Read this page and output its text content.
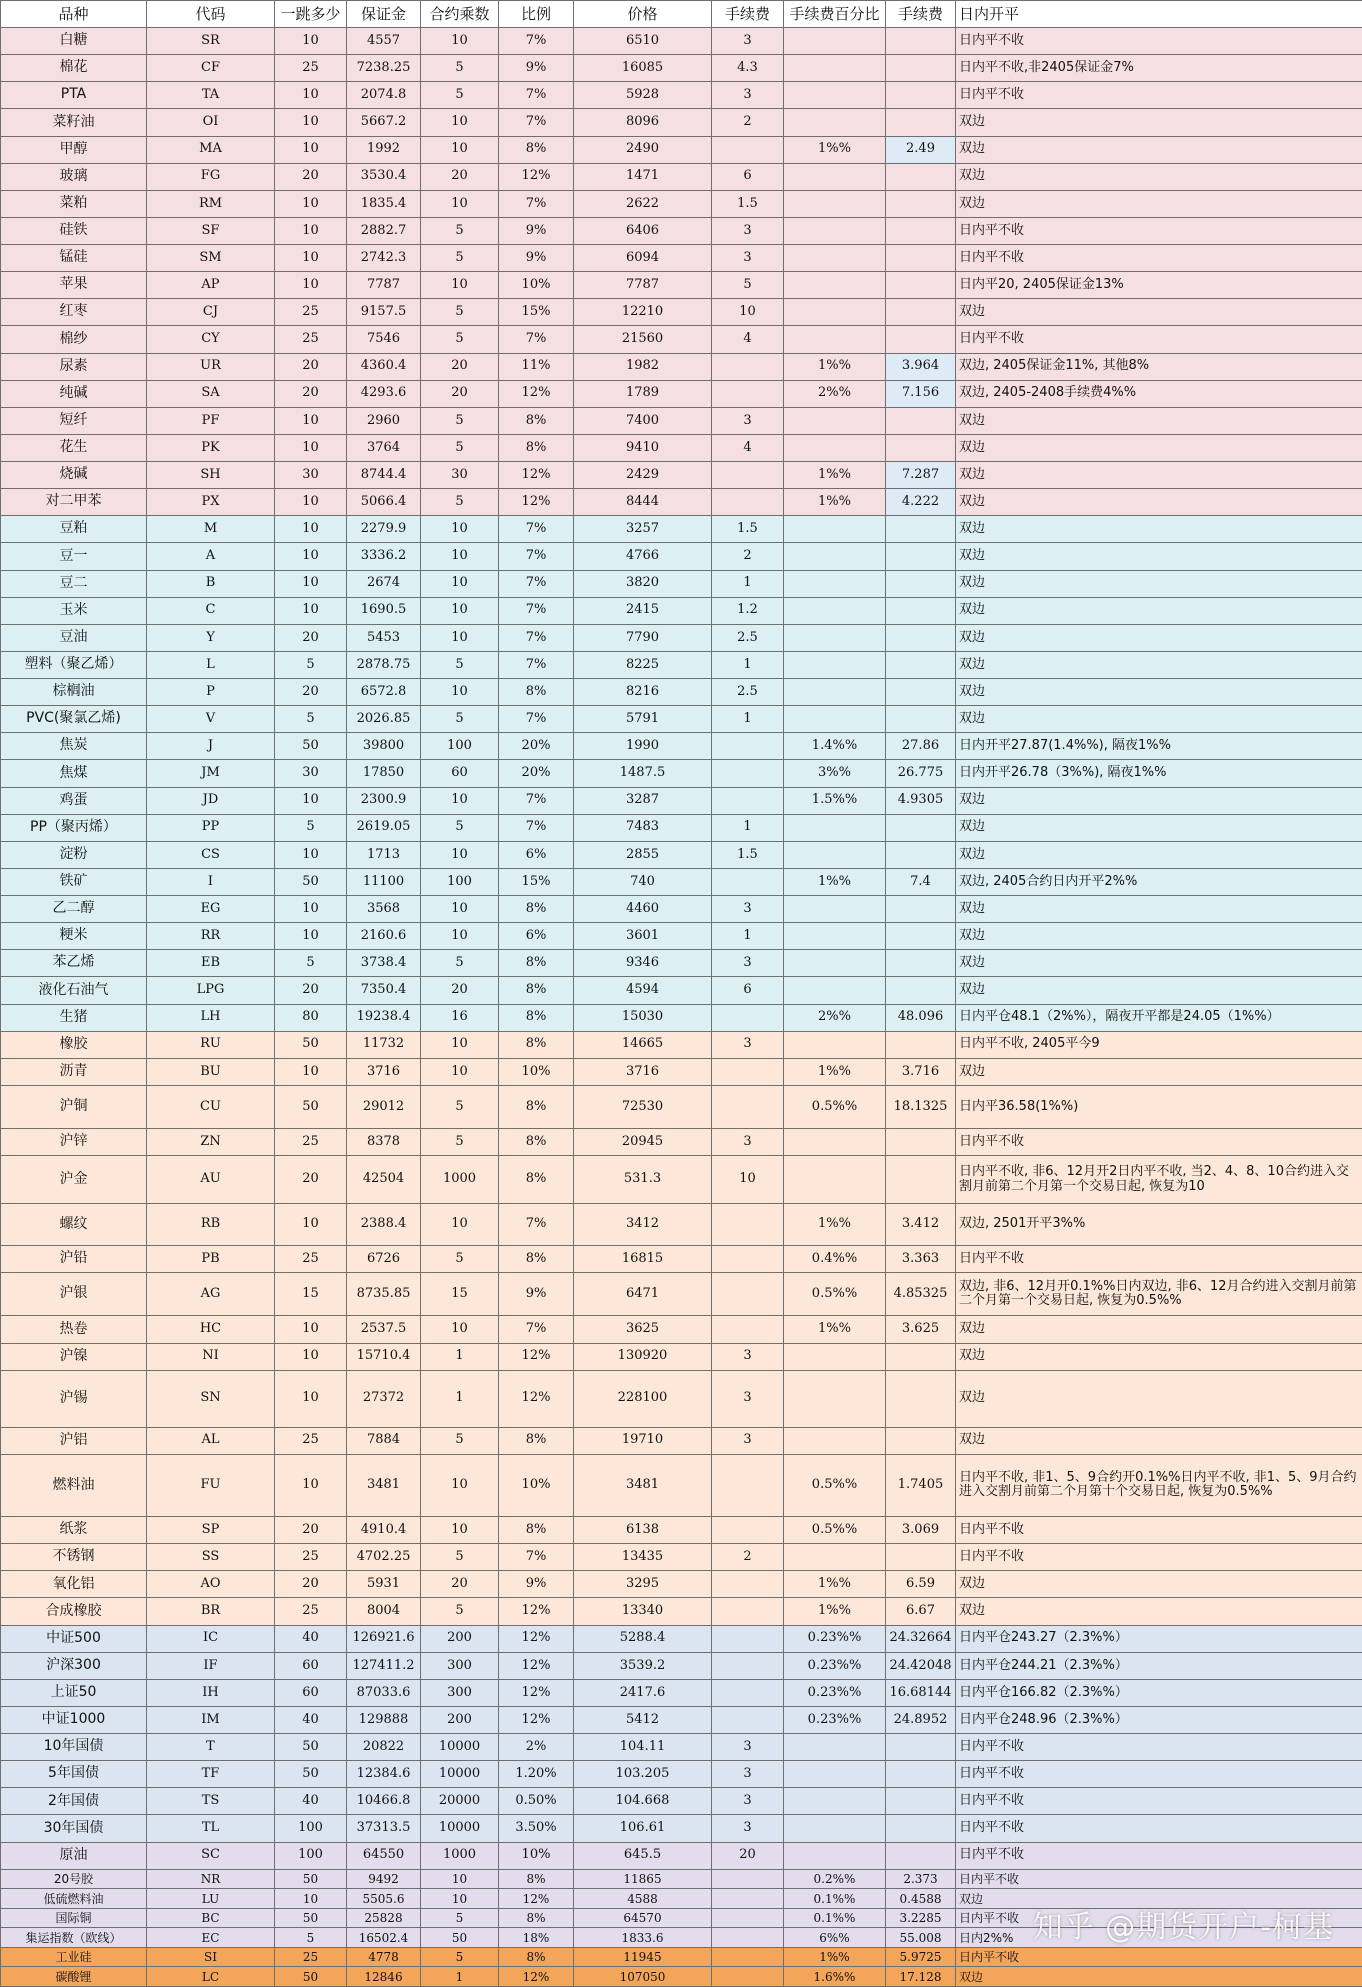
品种	代码	一跳多少	保证金	合约乘数	比例	价格	手续费	手续费百分比	手续费	日内开平
白糖	SR	10	4557	10	7%	6510	3			日内平不收
棉花	CF	25	7238.25	5	9%	16085	4.3			日内平不收,非2405保证金7%
PTA	TA	10	2074.8	5	7%	5928	3			日内平不收
菜籽油	OI	10	5667.2	10	7%	8096	2			双边
甲醇	MA	10	1992	10	8%	2490		1%%	2.49	双边
玻璃	FG	20	3530.4	20	12%	1471	6			双边
菜粕	RM	10	1835.4	10	7%	2622	1.5			双边
硅铁	SF	10	2882.7	5	9%	6406	3			日内平不收
锰硅	SM	10	2742.3	5	9%	6094	3			日内平不收
苹果	AP	10	7787	10	10%	7787	5			日内平20, 2405保证金13%
红枣	CJ	25	9157.5	5	15%	12210	10			双边
棉纱	CY	25	7546	5	7%	21560	4			日内平不收
尿素	UR	20	4360.4	20	11%	1982		1%%	3.964	双边, 2405保证金11%, 其他8%
纯碱	SA	20	4293.6	20	12%	1789		2%%	7.156	双边, 2405-2408手续费4%%
短纤	PF	10	2960	5	8%	7400	3			双边
花生	PK	10	3764	5	8%	9410	4			双边
烧碱	SH	30	8744.4	30	12%	2429		1%%	7.287	双边
对二甲苯	PX	10	5066.4	5	12%	8444		1%%	4.222	双边
豆粕	M	10	2279.9	10	7%	3257	1.5			双边
豆一	A	10	3336.2	10	7%	4766	2			双边
豆二	B	10	2674	10	7%	3820	1			双边
玉米	C	10	1690.5	10	7%	2415	1.2			双边
豆油	Y	20	5453	10	7%	7790	2.5			双边
塑料（聚乙烯）	L	5	2878.75	5	7%	8225	1			双边
棕榈油	P	20	6572.8	10	8%	8216	2.5			双边
PVC(聚氯乙烯)	V	5	2026.85	5	7%	5791	1			双边
焦炭	J	50	39800	100	20%	1990		1.4%%	27.86	日内开平27.87(1.4%%), 隔夜1%%
焦煤	JM	30	17850	60	20%	1487.5		3%%	26.775	日内开平26.78（3%%), 隔夜1%%
鸡蛋	JD	10	2300.9	10	7%	3287		1.5%%	4.9305	双边
PP（聚丙烯）	PP	5	2619.05	5	7%	7483	1			双边
淀粉	CS	10	1713	10	6%	2855	1.5			双边
铁矿	I	50	11100	100	15%	740		1%%	7.4	双边, 2405合约日内开平2%%
乙二醇	EG	10	3568	10	8%	4460	3			双边
粳米	RR	10	2160.6	10	6%	3601	1			双边
苯乙烯	EB	5	3738.4	5	8%	9346	3			双边
液化石油气	LPG	20	7350.4	20	8%	4594	6			双边
生猪	LH	80	19238.4	16	8%	15030		2%%	48.096	日内平仓48.1（2%%），隔夜开平都是24.05（1%%）
橡胶	RU	50	11732	10	8%	14665	3			日内平不收, 2405平今9
沥青	BU	10	3716	10	10%	3716		1%%	3.716	双边
沪铜	CU	50	29012	5	8%	72530		0.5%%	18.1325	日内平36.58(1%%)
沪锌	ZN	25	8378	5	8%	20945	3			日内平不收
沪金	AU	20	42504	1000	8%	531.3	10			日内平不收, 非6、12月开2日内平不收, 当2、4、8、10合约进入交割月前第二个月第一个交易日起, 恢复为10
螺纹	RB	10	2388.4	10	7%	3412		1%%	3.412	双边, 2501开平3%%
沪铅	PB	25	6726	5	8%	16815		0.4%%	3.363	日内平不收
沪银	AG	15	8735.85	15	9%	6471		0.5%%	4.85325	双边, 非6、12月开0.1%%日内双边, 非6、12月合约进入交割月前第二个月第一个交易日起, 恢复为0.5%%
热卷	HC	10	2537.5	10	7%	3625		1%%	3.625	双边
沪镍	NI	10	15710.4	1	12%	130920	3			双边
沪锡	SN	10	27372	1	12%	228100	3			双边
沪铝	AL	25	7884	5	8%	19710	3			双边
燃料油	FU	10	3481	10	10%	3481		0.5%%	1.7405	日内平不收, 非1、5、9合约开0.1%%日内平不收, 非1、5、9月合约进入交割月前第二个月第十个交易日起, 恢复为0.5%%
纸浆	SP	20	4910.4	10	8%	6138		0.5%%	3.069	日内平不收
不锈钢	SS	25	4702.25	5	7%	13435	2			日内平不收
氧化铝	AO	20	5931	20	9%	3295		1%%	6.59	双边
合成橡胶	BR	25	8004	5	12%	13340		1%%	6.67	双边
中证500	IC	40	126921.6	200	12%	5288.4		0.23%%	24.32664	日内平仓243.27（2.3%%）
沪深300	IF	60	127411.2	300	12%	3539.2		0.23%%	24.42048	日内平仓244.21（2.3%%）
上证50	IH	60	87033.6	300	12%	2417.6		0.23%%	16.68144	日内平仓166.82（2.3%%）
中证1000	IM	40	129888	200	12%	5412		0.23%%	24.8952	日内平仓248.96（2.3%%）
10年国债	T	50	20822	10000	2%	104.11	3			日内平不收
5年国债	TF	50	12384.6	10000	1.20%	103.205	3			日内平不收
2年国债	TS	40	10466.8	20000	0.50%	104.668	3			日内平不收
30年国债	TL	100	37313.5	10000	3.50%	106.61	3			日内平不收
原油	SC	100	64550	1000	10%	645.5	20			日内平不收
20号胶	NR	50	9492	10	8%	11865		0.2%%	2.373	日内平不收
低硫燃料油	LU	10	5505.6	10	12%	4588		0.1%%	0.4588	双边
国际铜	BC	50	25828	5	8%	64570		0.1%%	3.2285	日内平不收
集运指数（欧线）	EC	5	16502.4	50	18%	1833.6		6%%	55.008	日内2%%
工业硅	SI	25	4778	5	8%	11945		1%%	5.9725	日内平不收
碳酸锂	LC	50	12846	1	12%	107050		1.6%%	17.128	双边
知乎 @期货开户-柯基
